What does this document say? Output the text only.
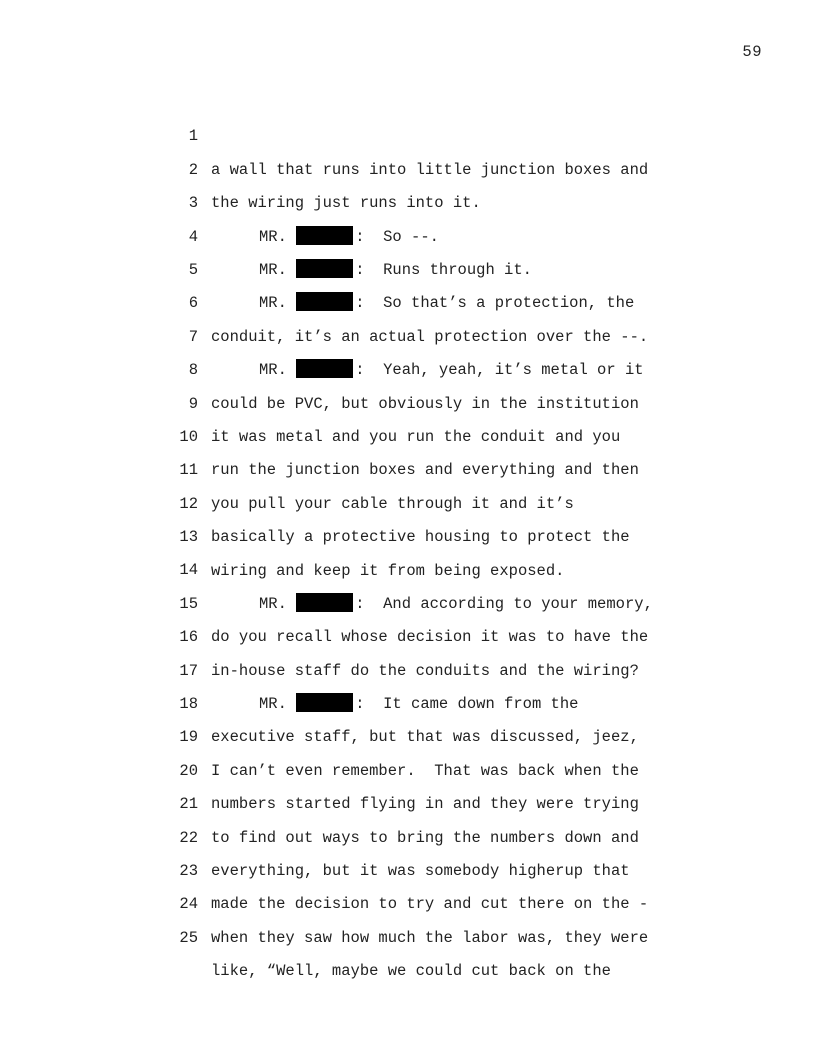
59

1

a wall that runs into little junction boxes and

2

the wiring just runs into it.

3

MR.	:  So --.

4

MR.	:  Runs through it.

5

MR.	:  So that’s a protection, the

6

conduit, it’s an actual protection over the --.

7

MR.	:  Yeah, yeah, it’s metal or it

8

could be PVC, but obviously in the institution

9

it was metal and you run the conduit and you

10

run the junction boxes and everything and then

11

you pull your cable through it and it’s

12

basically a protective housing to protect the

13

wiring and keep it from being exposed.

14

MR.	:  And according to your memory,

15

do you recall whose decision it was to have the

16

in-house staff do the conduits and the wiring?

17

MR.	:  It came down from the

18

executive staff, but that was discussed, jeez,

19

I can’t even remember.  That was back when the

20

numbers started flying in and they were trying

21

to find out ways to bring the numbers down and

22

everything, but it was somebody higherup that

23

made the decision to try and cut there on the -

24

when they saw how much the labor was, they were

25

like, “Well, maybe we could cut back on the
